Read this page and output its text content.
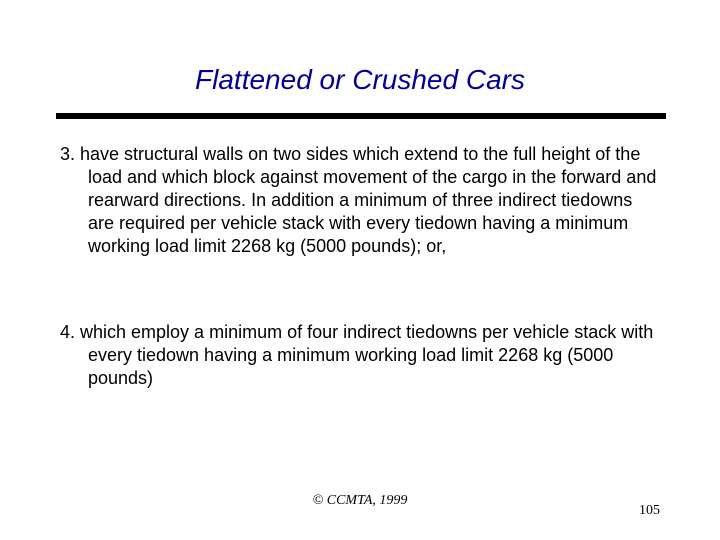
Flattened or Crushed Cars
3. have structural walls on two sides which extend to the full height of the load and which block against movement of the cargo in the forward and rearward directions. In addition a minimum of three indirect tiedowns are required per vehicle stack with every tiedown having a minimum working load limit 2268 kg (5000 pounds); or,
4. which employ a minimum of four indirect tiedowns per vehicle stack with every tiedown having a minimum working load limit 2268 kg (5000 pounds)
© CCMTA, 1999
105
